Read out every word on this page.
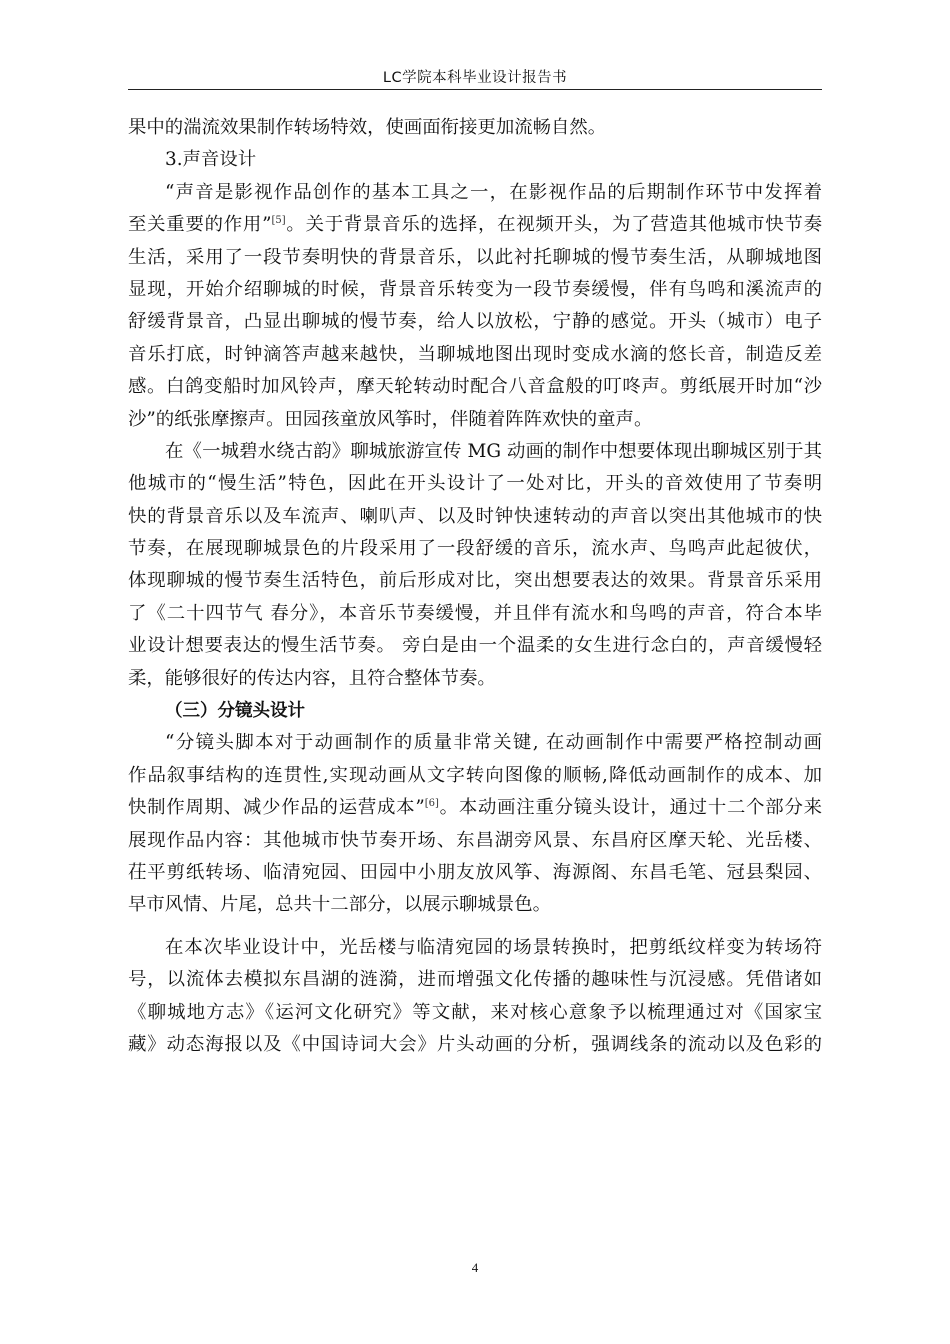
LC学院本科毕业设计报告书
果中的湍流效果制作转场特效，使画面衔接更加流畅自然。
3.声音设计
“声音是影视作品创作的基本工具之一，在影视作品的后期制作环节中发挥着
至关重要的作用”[5]。关于背景音乐的选择，在视频开头，为了营造其他城市快节奏
生活，采用了一段节奏明快的背景音乐，以此衬托聊城的慢节奏生活，从聊城地图
显现，开始介绍聊城的时候，背景音乐转变为一段节奏缓慢，伴有鸟鸣和溪流声的
舒缓背景音，凸显出聊城的慢节奏，给人以放松，宁静的感觉。开头（城市）电子
音乐打底，时钟滴答声越来越快，当聊城地图出现时变成水滴的悠长音，制造反差
感。白鸽变船时加风铃声，摩天轮转动时配合八音盒般的叮咚声。剪纸展开时加“沙
沙”的纸张摩擦声。田园孩童放风筝时，伴随着阵阵欢快的童声。
在《一城碧水绕古韵》聊城旅游宣传 MG 动画的制作中想要体现出聊城区别于其
他城市的“慢生活”特色，因此在开头设计了一处对比，开头的音效使用了节奏明
快的背景音乐以及车流声、喇叭声、以及时钟快速转动的声音以突出其他城市的快
节奏，在展现聊城景色的片段采用了一段舒缓的音乐，流水声、鸟鸣声此起彼伏，
体现聊城的慢节奏生活特色，前后形成对比，突出想要表达的效果。背景音乐采用
了《二十四节气 春分》，本音乐节奏缓慢，并且伴有流水和鸟鸣的声音，符合本毕
业设计想要表达的慢生活节奏。 旁白是由一个温柔的女生进行念白的，声音缓慢轻
柔，能够很好的传达内容，且符合整体节奏。
（三）分镜头设计
“分镜头脚本对于动画制作的质量非常关键, 在动画制作中需要严格控制动画
作品叙事结构的连贯性,实现动画从文字转向图像的顺畅,降低动画制作的成本、加
快制作周期、减少作品的运营成本”[6]。本动画注重分镜头设计，通过十二个部分来
展现作品内容：其他城市快节奏开场、东昌湖旁风景、东昌府区摩天轮、光岳楼、
茌平剪纸转场、临清宛园、田园中小朋友放风筝、海源阁、东昌毛笔、冠县梨园、
早市风情、片尾，总共十二部分，以展示聊城景色。
在本次毕业设计中，光岳楼与临清宛园的场景转换时，把剪纸纹样变为转场符
号，以流体去模拟东昌湖的涟漪，进而增强文化传播的趣味性与沉浸感。凭借诸如
《聊城地方志》《运河文化研究》等文献，来对核心意象予以梳理通过对《国家宝
藏》动态海报以及《中国诗词大会》片头动画的分析，强调线条的流动以及色彩的
4
